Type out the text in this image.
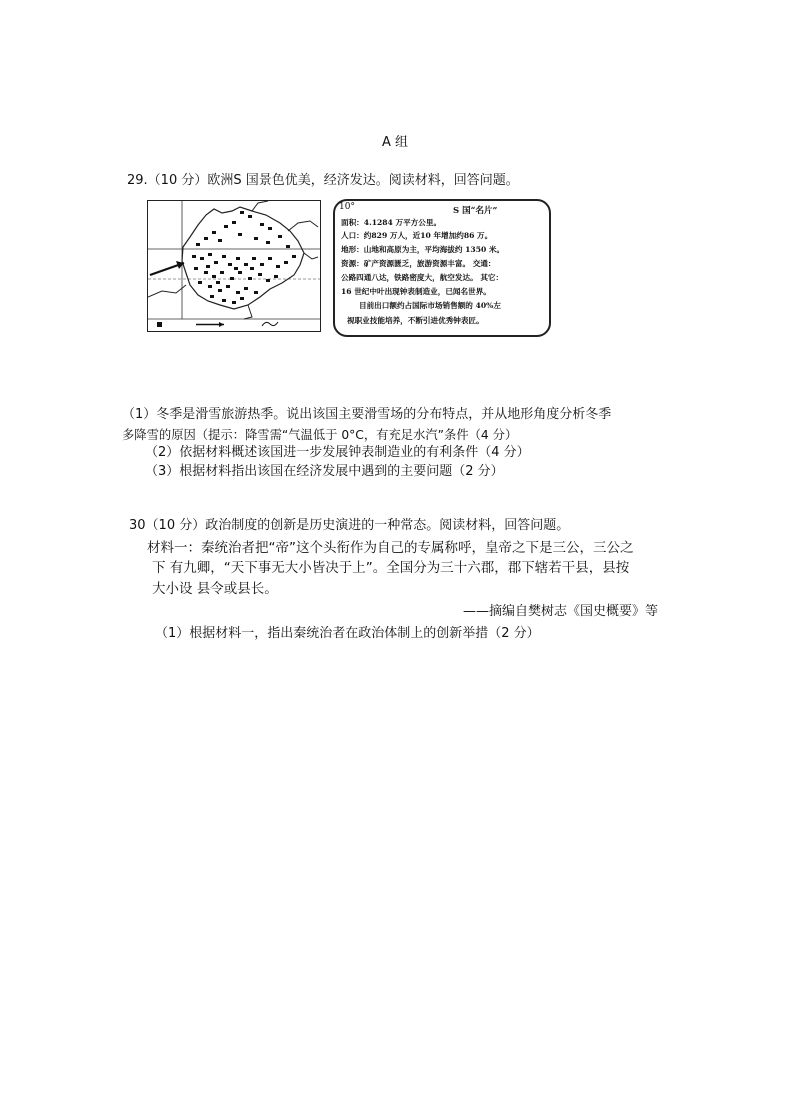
A 组
29.（10 分）欧洲S 国景色优美，经济发达。阅读材料，回答问题。
10°	S 国“名片”
面积：4.1284 万平方公里。
人口：约829 万人，近10 年增加约86 万。
地形：山地和高原为主，平均海拔约 1350 米。
资源：矿产资源匮乏，旅游资源丰富。 交通：
公路四通八达，铁路密度大，航空发达。 其它：
16 世纪中叶出现钟表制造业，已闻名世界。
目前出口额约占国际市场销售额的 40%左
视职业技能培养，不断引进优秀钟表匠。
（1）冬季是滑雪旅游热季。说出该国主要滑雪场的分布特点，并从地形角度分析冬季
多降雪的原因（提示：降雪需“气温低于 0°C，有充足水汽”条件（4 分）
（2）依据材料概述该国进一步发展钟表制造业的有利条件（4 分）
（3）根据材料指出该国在经济发展中遇到的主要问题（2 分）
30（10 分）政治制度的创新是历史演进的一种常态。阅读材料，回答问题。
材料一：秦统治者把“帝”这个头衔作为自己的专属称呼，皇帝之下是三公，三公之
下 有九卿，“天下事无大小皆决于上”。全国分为三十六郡，郡下辖若干县，县按
大小设 县令或县长。
——摘编自樊树志《国史概要》等
（1）根据材料一，指出秦统治者在政治体制上的创新举措（2 分）
